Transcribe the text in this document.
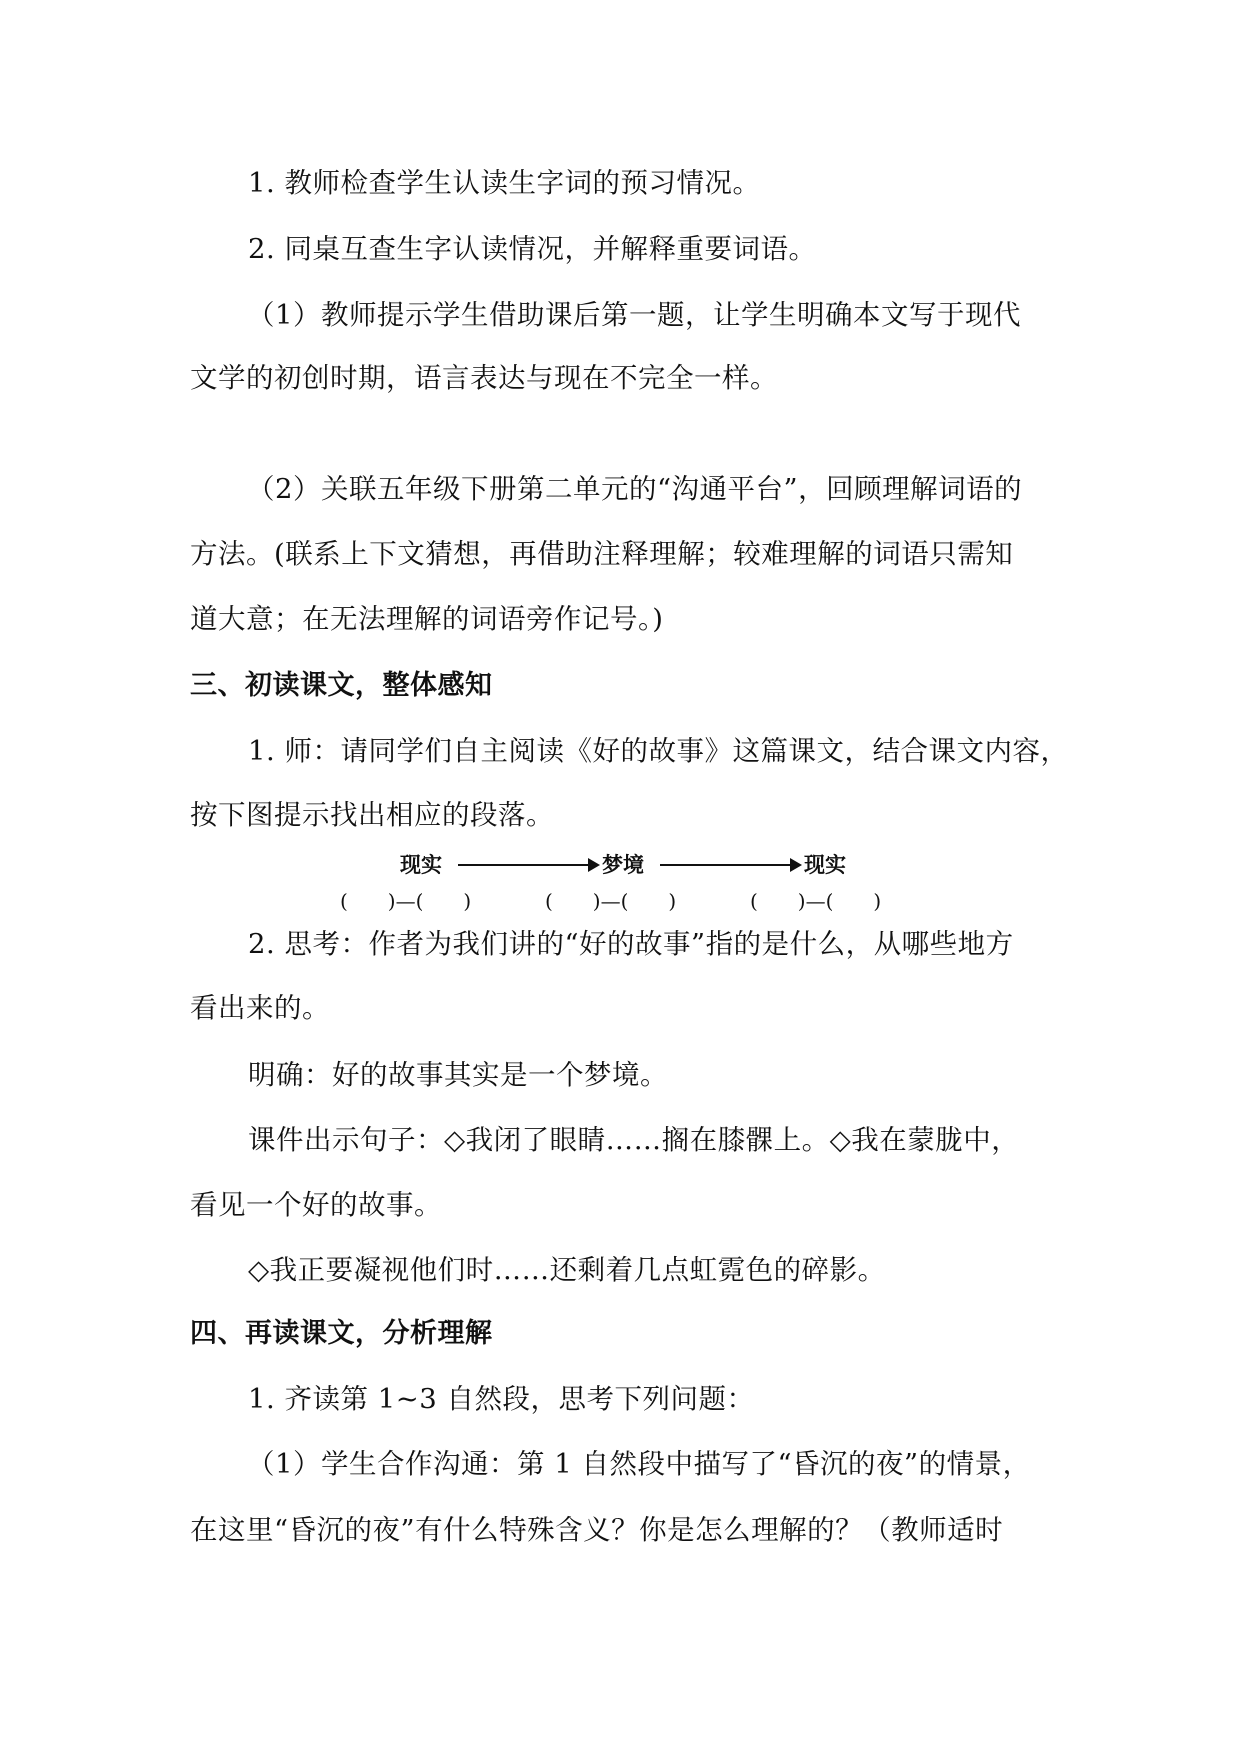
1. 教师检查学生认读生字词的预习情况。
2. 同桌互查生字认读情况，并解释重要词语。
（1）教师提示学生借助课后第一题，让学生明确本文写于现代
文学的初创时期，语言表达与现在不完全一样。
（2）关联五年级下册第二单元的“沟通平台”，回顾理解词语的
方法。(联系上下文猜想，再借助注释理解；较难理解的词语只需知
道大意；在无法理解的词语旁作记号。)
三、初读课文，整体感知
1. 师：请同学们自主阅读《好的故事》这篇课文，结合课文内容，
按下图提示找出相应的段落。
现实	梦境	现实
(　　)—(　　)	(　　)—(　　)	(　　)—(　　)
2. 思考：作者为我们讲的“好的故事”指的是什么，从哪些地方
看出来的。
明确：好的故事其实是一个梦境。
课件出示句子：◇我闭了眼睛……搁在膝髁上。◇我在蒙胧中，
看见一个好的故事。
◇我正要凝视他们时……还剩着几点虹霓色的碎影。
四、再读课文，分析理解
1. 齐读第 1~3 自然段，思考下列问题：
（1）学生合作沟通：第 1 自然段中描写了“昏沉的夜”的情景，
在这里“昏沉的夜”有什么特殊含义？你是怎么理解的？（教师适时
